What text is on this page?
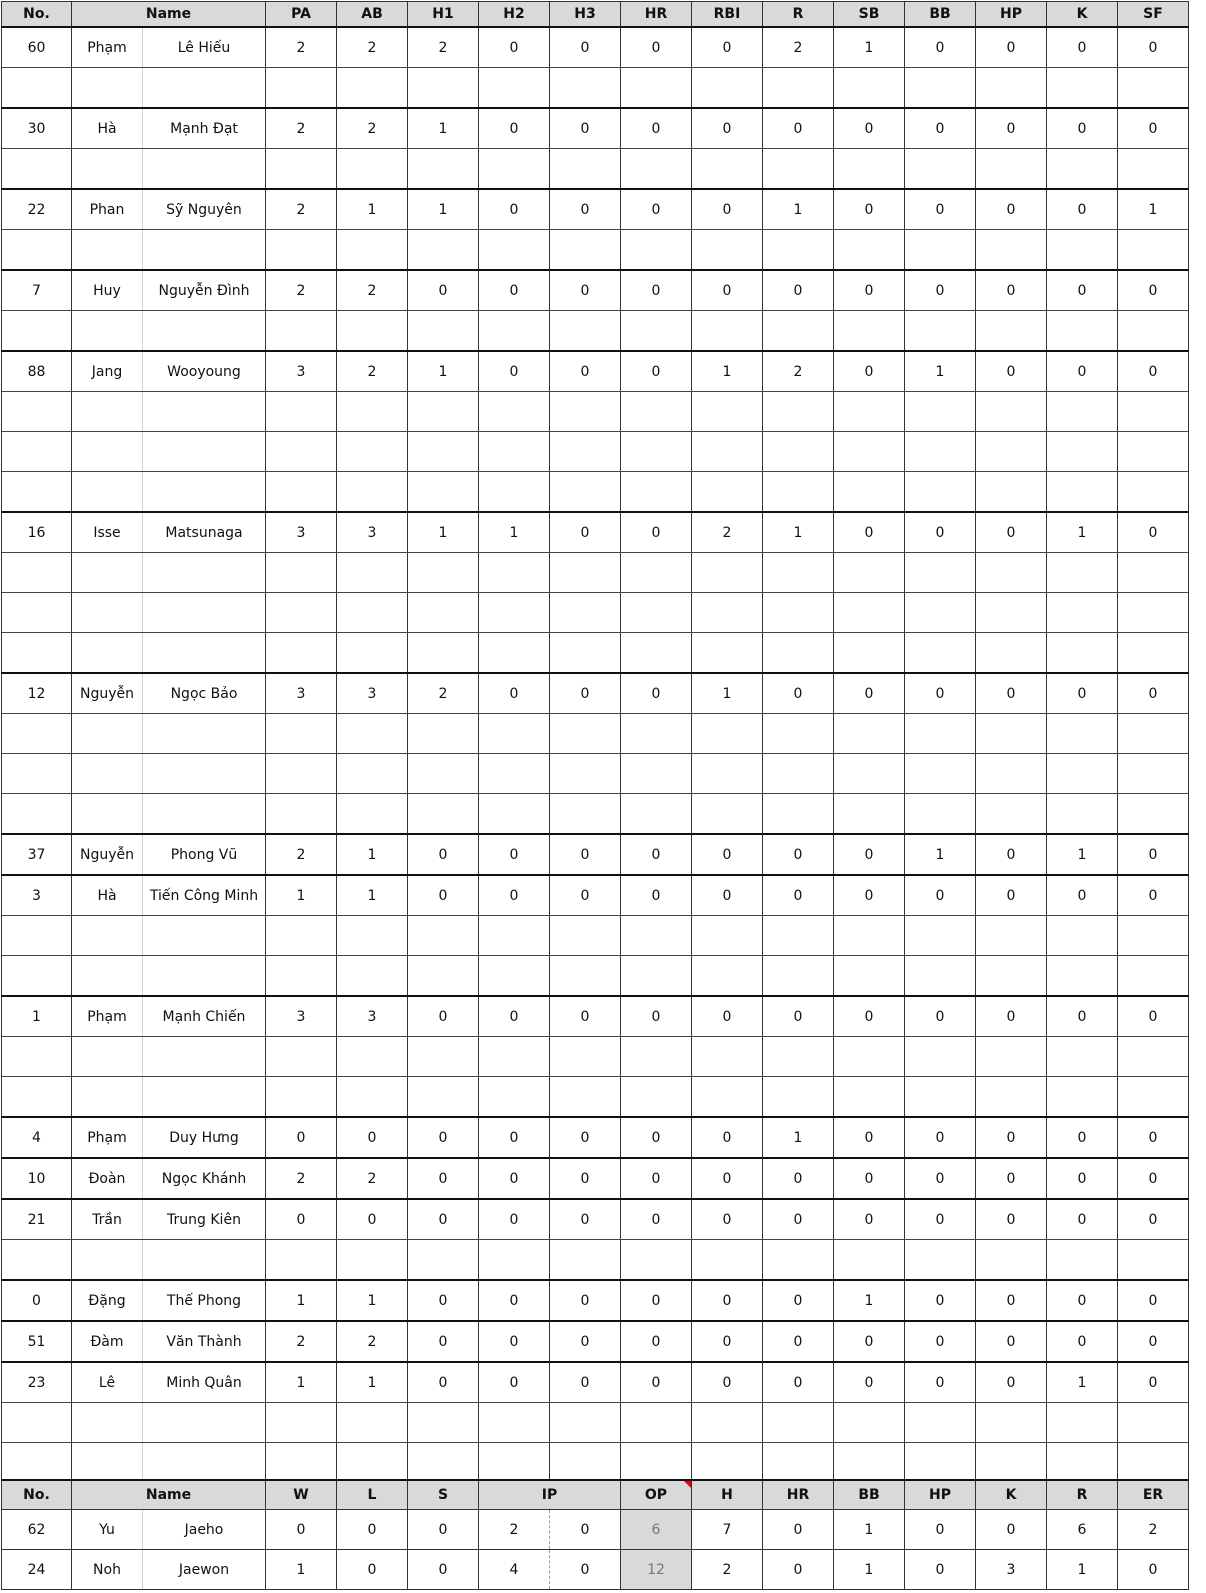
No.	Name		PA	AB	H1	H2	H3	HR	RBI	R	SB	BB	HP	K	SF
60	Phạm	Lê Hiếu	2	2	2	0	0	0	0	2	1	0	0	0	0

30	Hà	Mạnh Đạt	2	2	1	0	0	0	0	0	0	0	0	0	0

22	Phan	Sỹ Nguyên	2	1	1	0	0	0	0	1	0	0	0	0	1

7	Huy	Nguyễn Đình	2	2	0	0	0	0	0	0	0	0	0	0	0

88	Jang	Wooyoung	3	2	1	0	0	0	1	2	0	1	0	0	0

16	Isse	Matsunaga	3	3	1	1	0	0	2	1	0	0	0	1	0

12	Nguyễn	Ngọc Bảo	3	3	2	0	0	0	1	0	0	0	0	0	0

37	Nguyễn	Phong Vũ	2	1	0	0	0	0	0	0	0	1	0	1	0
3	Hà	Tiến Công Minh	1	1	0	0	0	0	0	0	0	0	0	0	0

1	Phạm	Mạnh Chiến	3	3	0	0	0	0	0	0	0	0	0	0	0

4	Phạm	Duy Hưng	0	0	0	0	0	0	0	1	0	0	0	0	0
10	Đoàn	Ngọc Khánh	2	2	0	0	0	0	0	0	0	0	0	0	0
21	Trần	Trung Kiên	0	0	0	0	0	0	0	0	0	0	0	0	0

0	Đặng	Thế Phong	1	1	0	0	0	0	0	0	1	0	0	0	0
51	Đàm	Văn Thành	2	2	0	0	0	0	0	0	0	0	0	0	0
23	Lê	Minh Quân	1	1	0	0	0	0	0	0	0	0	0	1	0

No.	Name		W	L	S	IP		OP	H	HR	BB	HP	K	R	ER
62	Yu	Jaeho	0	0	0	2	0	6	7	0	1	0	0	6	2
24	Noh	Jaewon	1	0	0	4	0	12	2	0	1	0	3	1	0
